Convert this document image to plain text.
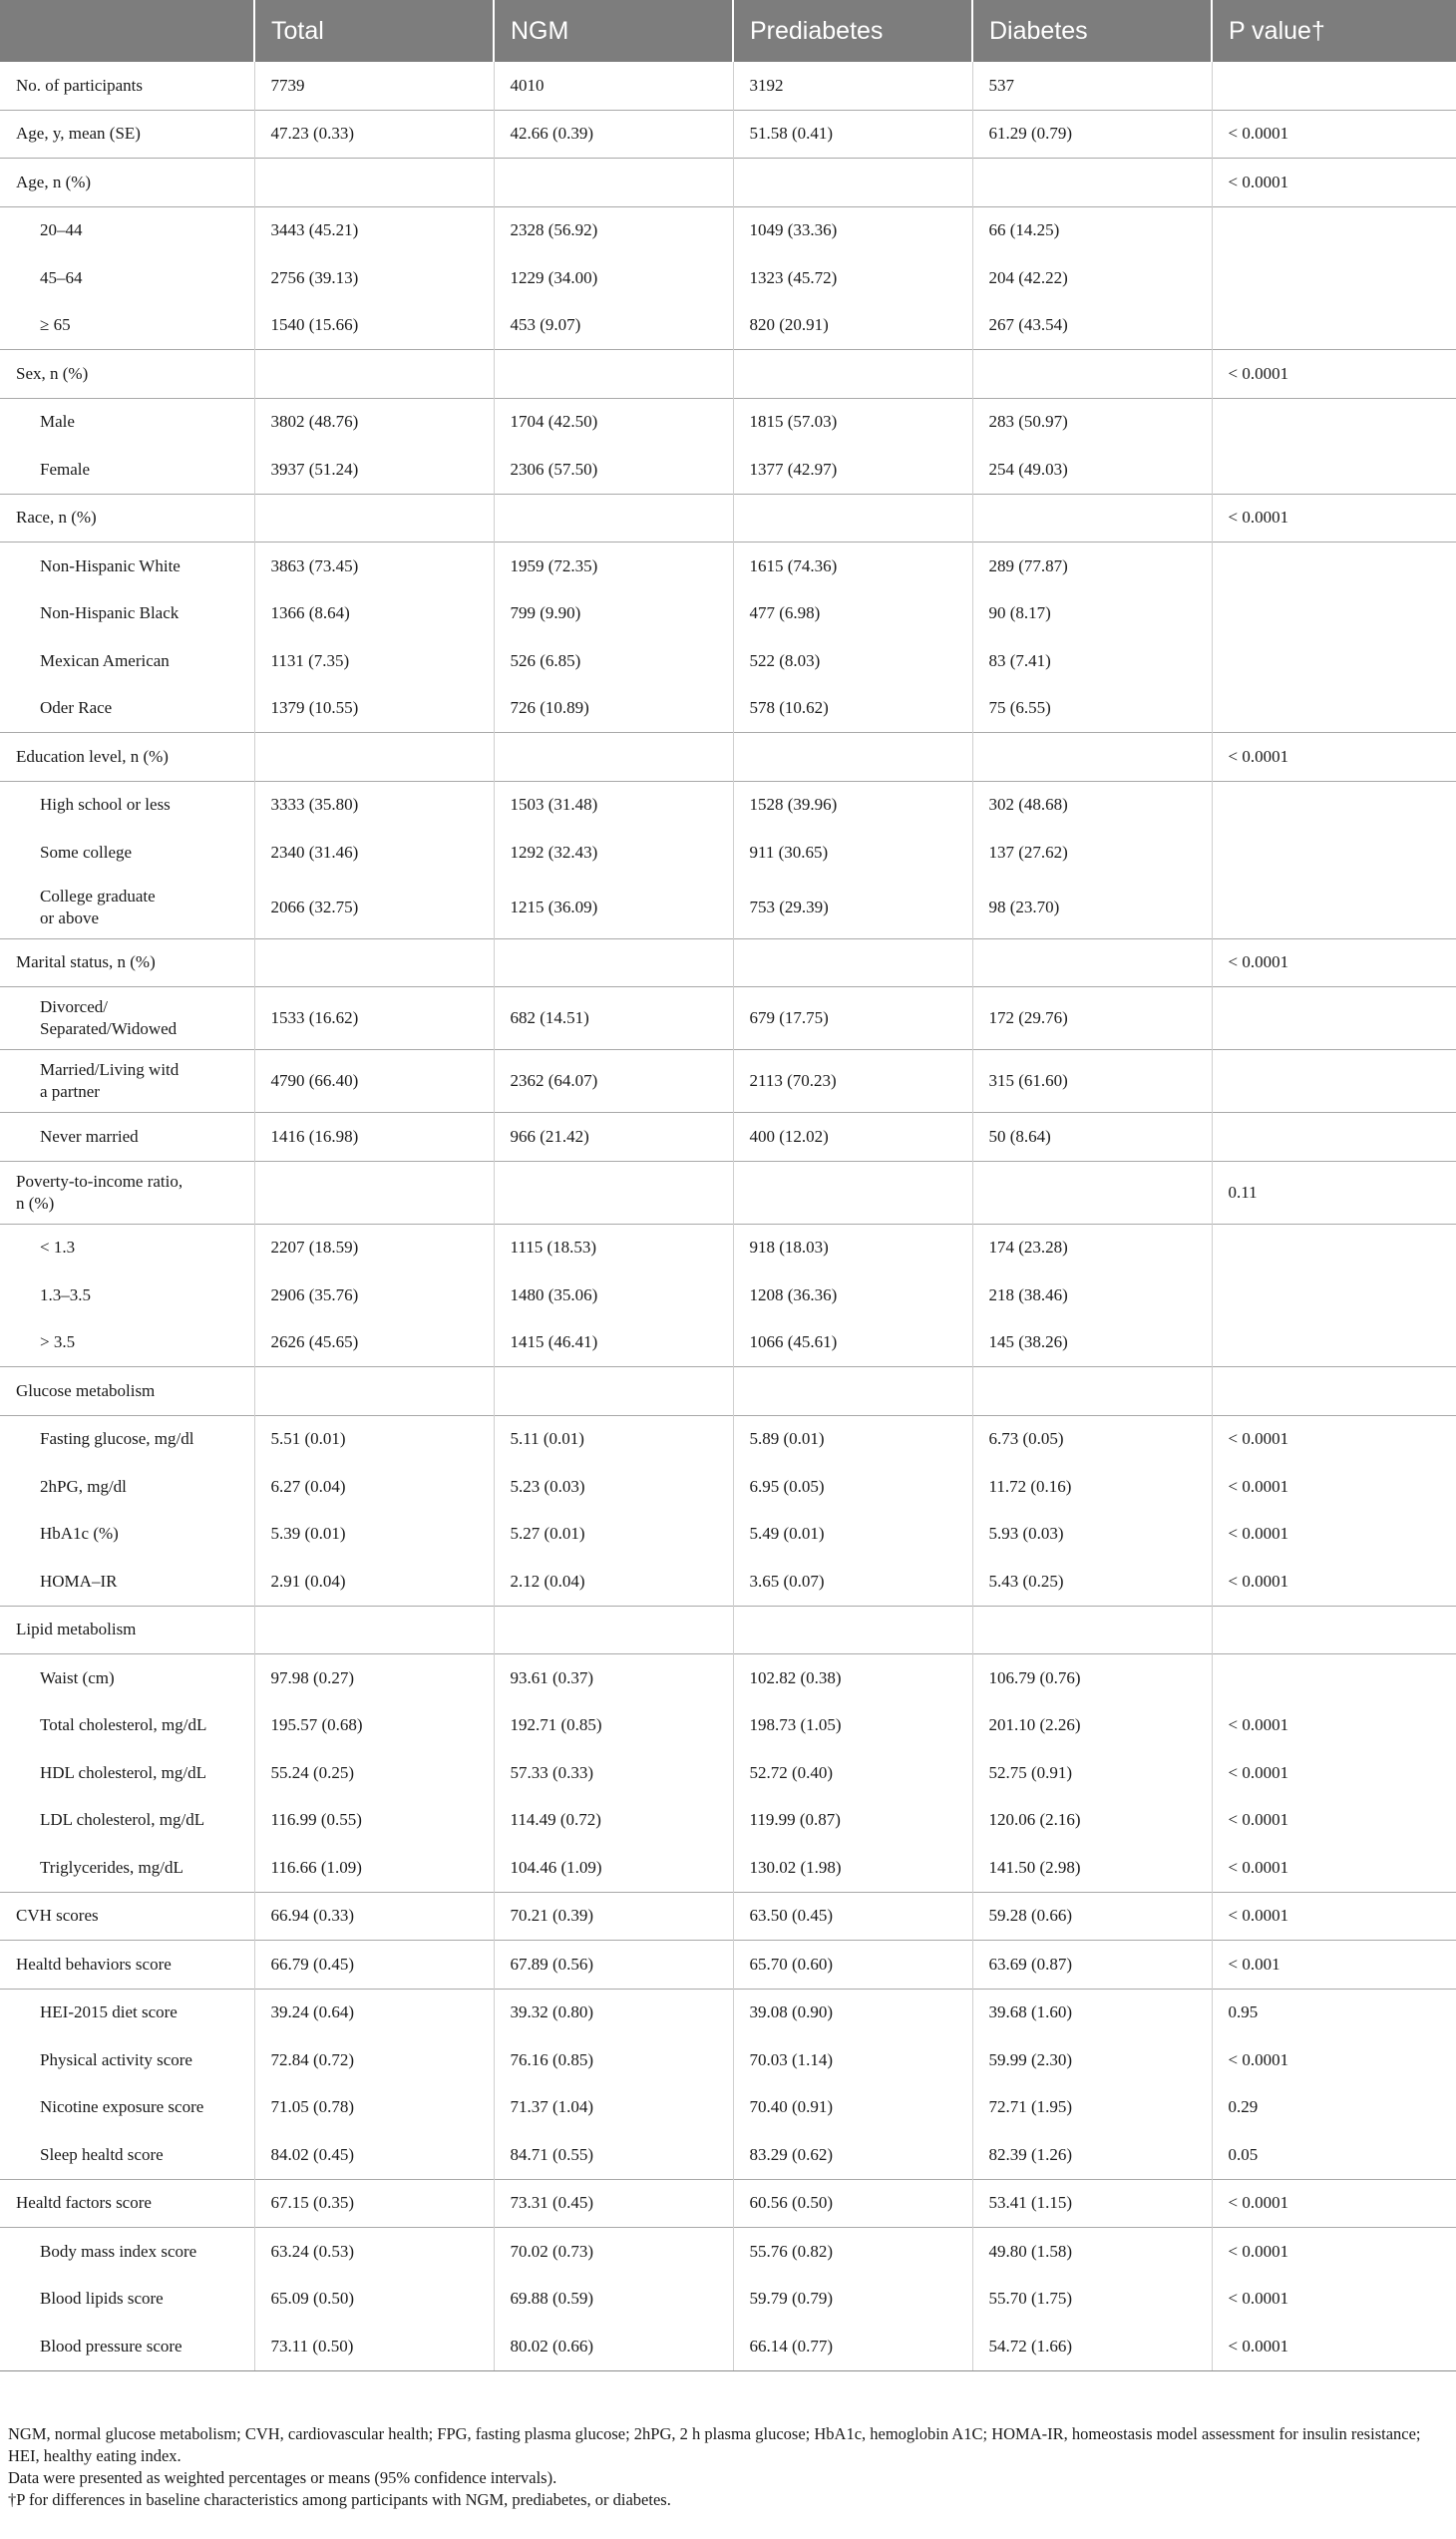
	Total	NGM	Prediabetes	Diabetes	P value†
No. of participants	7739	4010	3192	537	
Age, y, mean (SE)	47.23 (0.33)	42.66 (0.39)	51.58 (0.41)	61.29 (0.79)	< 0.0001
Age, n (%)					< 0.0001
20–44	3443 (45.21)	2328 (56.92)	1049 (33.36)	66 (14.25)	
45–64	2756 (39.13)	1229 (34.00)	1323 (45.72)	204 (42.22)	
≥ 65	1540 (15.66)	453 (9.07)	820 (20.91)	267 (43.54)	
Sex, n (%)					< 0.0001
Male	3802 (48.76)	1704 (42.50)	1815 (57.03)	283 (50.97)	
Female	3937 (51.24)	2306 (57.50)	1377 (42.97)	254 (49.03)	
Race, n (%)					< 0.0001
Non-Hispanic White	3863 (73.45)	1959 (72.35)	1615 (74.36)	289 (77.87)	
Non-Hispanic Black	1366 (8.64)	799 (9.90)	477 (6.98)	90 (8.17)	
Mexican American	1131 (7.35)	526 (6.85)	522 (8.03)	83 (7.41)	
Oder Race	1379 (10.55)	726 (10.89)	578 (10.62)	75 (6.55)	
Education level, n (%)					< 0.0001
High school or less	3333 (35.80)	1503 (31.48)	1528 (39.96)	302 (48.68)	
Some college	2340 (31.46)	1292 (32.43)	911 (30.65)	137 (27.62)	
College graduate
or above	2066 (32.75)	1215 (36.09)	753 (29.39)	98 (23.70)	
Marital status, n (%)					< 0.0001
Divorced/
Separated/Widowed	1533 (16.62)	682 (14.51)	679 (17.75)	172 (29.76)	
Married/Living witd
a partner	4790 (66.40)	2362 (64.07)	2113 (70.23)	315 (61.60)	
Never married	1416 (16.98)	966 (21.42)	400 (12.02)	50 (8.64)	
Poverty-to-income ratio,
n (%)					0.11
< 1.3	2207 (18.59)	1115 (18.53)	918 (18.03)	174 (23.28)	
1.3–3.5	2906 (35.76)	1480 (35.06)	1208 (36.36)	218 (38.46)	
> 3.5	2626 (45.65)	1415 (46.41)	1066 (45.61)	145 (38.26)	
Glucose metabolism					
Fasting glucose, mg/dl	5.51 (0.01)	5.11 (0.01)	5.89 (0.01)	6.73 (0.05)	< 0.0001
2hPG, mg/dl	6.27 (0.04)	5.23 (0.03)	6.95 (0.05)	11.72 (0.16)	< 0.0001
HbA1c (%)	5.39 (0.01)	5.27 (0.01)	5.49 (0.01)	5.93 (0.03)	< 0.0001
HOMA–IR	2.91 (0.04)	2.12 (0.04)	3.65 (0.07)	5.43 (0.25)	< 0.0001
Lipid metabolism					
Waist (cm)	97.98 (0.27)	93.61 (0.37)	102.82 (0.38)	106.79 (0.76)	
Total cholesterol, mg/dL	195.57 (0.68)	192.71 (0.85)	198.73 (1.05)	201.10 (2.26)	< 0.0001
HDL cholesterol, mg/dL	55.24 (0.25)	57.33 (0.33)	52.72 (0.40)	52.75 (0.91)	< 0.0001
LDL cholesterol, mg/dL	116.99 (0.55)	114.49 (0.72)	119.99 (0.87)	120.06 (2.16)	< 0.0001
Triglycerides, mg/dL	116.66 (1.09)	104.46 (1.09)	130.02 (1.98)	141.50 (2.98)	< 0.0001
CVH scores	66.94 (0.33)	70.21 (0.39)	63.50 (0.45)	59.28 (0.66)	< 0.0001
Healtd behaviors score	66.79 (0.45)	67.89 (0.56)	65.70 (0.60)	63.69 (0.87)	< 0.001
HEI-2015 diet score	39.24 (0.64)	39.32 (0.80)	39.08 (0.90)	39.68 (1.60)	0.95
Physical activity score	72.84 (0.72)	76.16 (0.85)	70.03 (1.14)	59.99 (2.30)	< 0.0001
Nicotine exposure score	71.05 (0.78)	71.37 (1.04)	70.40 (0.91)	72.71 (1.95)	0.29
Sleep healtd score	84.02 (0.45)	84.71 (0.55)	83.29 (0.62)	82.39 (1.26)	0.05
Healtd factors score	67.15 (0.35)	73.31 (0.45)	60.56 (0.50)	53.41 (1.15)	< 0.0001
Body mass index score	63.24 (0.53)	70.02 (0.73)	55.76 (0.82)	49.80 (1.58)	< 0.0001
Blood lipids score	65.09 (0.50)	69.88 (0.59)	59.79 (0.79)	55.70 (1.75)	< 0.0001
Blood pressure score	73.11 (0.50)	80.02 (0.66)	66.14 (0.77)	54.72 (1.66)	< 0.0001
NGM, normal glucose metabolism; CVH, cardiovascular health; FPG, fasting plasma glucose; 2hPG, 2 h plasma glucose; HbA1c, hemoglobin A1C; HOMA-IR, homeostasis model assessment for insulin resistance; HEI, healthy eating index.
Data were presented as weighted percentages or means (95% confidence intervals).
†P for differences in baseline characteristics among participants with NGM, prediabetes, or diabetes.
